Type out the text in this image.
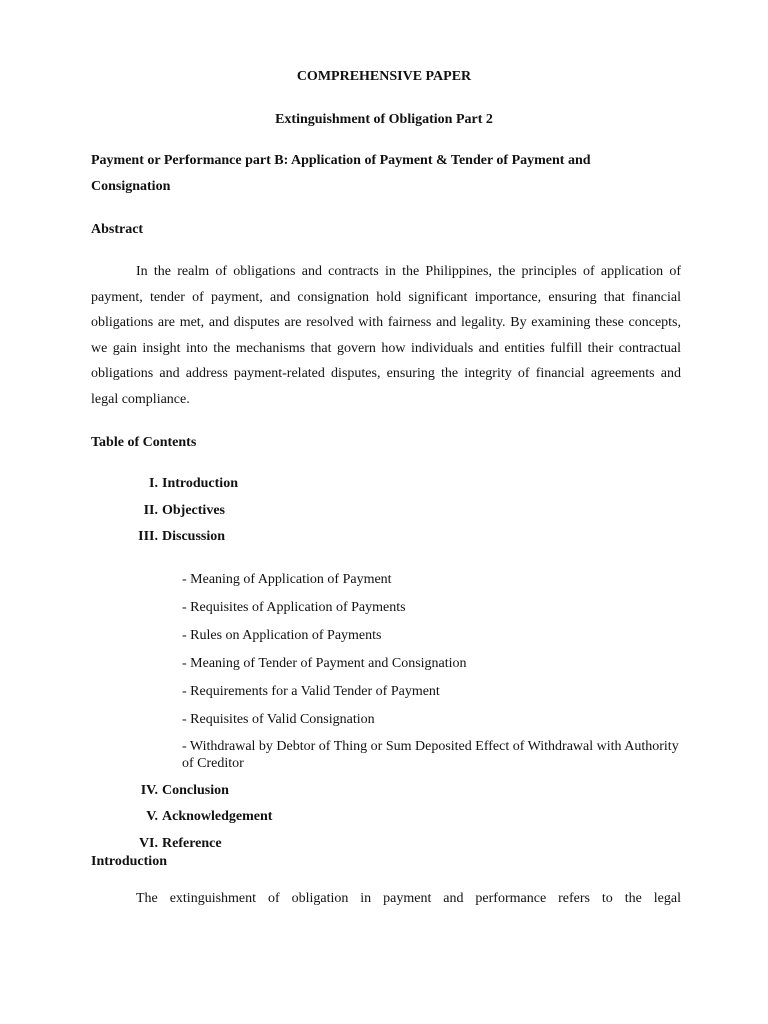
COMPREHENSIVE PAPER
Extinguishment of Obligation Part 2
Payment or Performance part B: Application of Payment & Tender of Payment and
Consignation
Abstract
In the realm of obligations and contracts in the Philippines, the principles of application of payment, tender of payment, and consignation hold significant importance, ensuring that financial obligations are met, and disputes are resolved with fairness and legality. By examining these concepts, we gain insight into the mechanisms that govern how individuals and entities fulfill their contractual obligations and address payment-related disputes, ensuring the integrity of financial agreements and legal compliance.
Table of Contents
I. Introduction
II. Objectives
III. Discussion
- Meaning of Application of Payment
- Requisites of Application of Payments
- Rules on Application of Payments
- Meaning of Tender of Payment and Consignation
- Requirements for a Valid Tender of Payment
- Requisites of Valid Consignation
- Withdrawal by Debtor of Thing or Sum Deposited Effect of Withdrawal with Authority of Creditor
IV. Conclusion
V. Acknowledgement
VI. Reference
Introduction
The extinguishment of obligation in payment and performance refers to the legal
